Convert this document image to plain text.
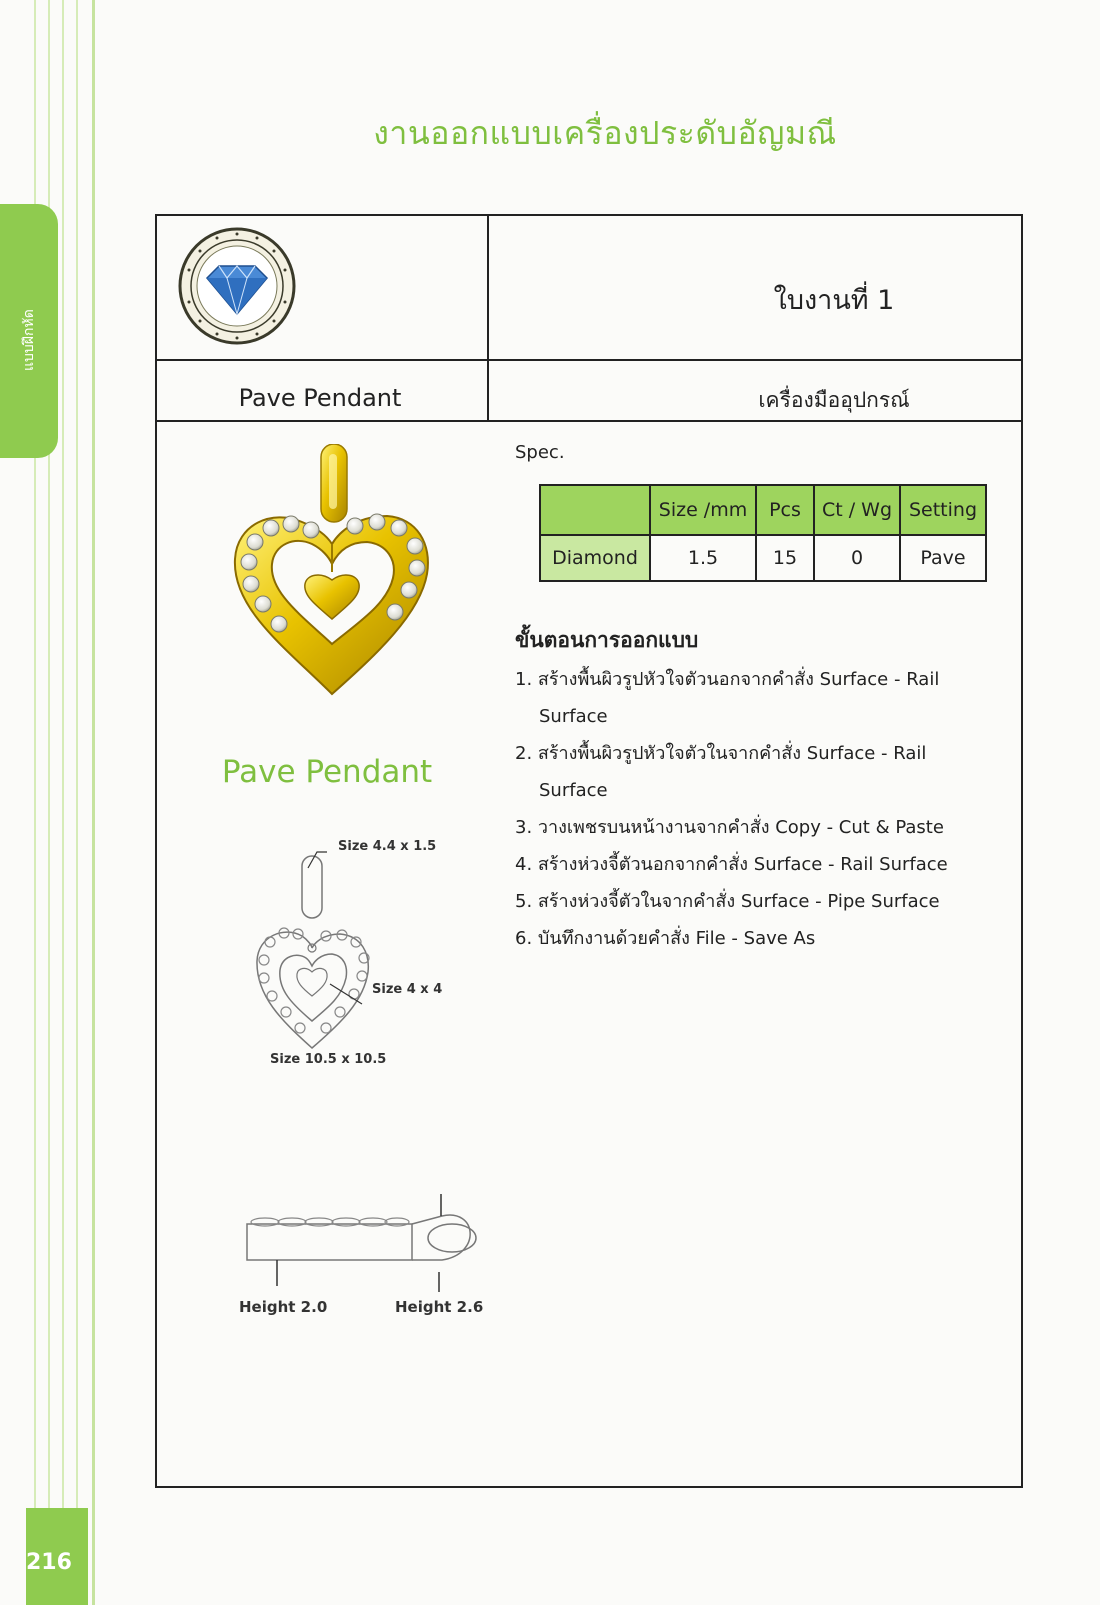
แบบฝึกหัด
216
งานออกแบบเครื่องประดับอัญมณี
ใบงานที่ 1
Pave Pendant	เครื่องมืออุปกรณ์
Pave Pendant
Size 4.4 x 1.5
Size 4 x 4
Size 10.5 x 10.5
Height 2.0	Height 2.6
Spec.
	Size /mm	Pcs	Ct / Wg	Setting
Diamond	1.5	15	0	Pave
ขั้นตอนการออกแบบ
1. สร้างพื้นผิวรูปหัวใจตัวนอกจากคำสั่ง Surface - Rail Surface
2. สร้างพื้นผิวรูปหัวใจตัวในจากคำสั่ง Surface - Rail Surface
3. วางเพชรบนหน้างานจากคำสั่ง Copy - Cut & Paste
4. สร้างห่วงจี้ตัวนอกจากคำสั่ง Surface - Rail Surface
5. สร้างห่วงจี้ตัวในจากคำสั่ง Surface - Pipe Surface
6. บันทึกงานด้วยคำสั่ง File - Save As
